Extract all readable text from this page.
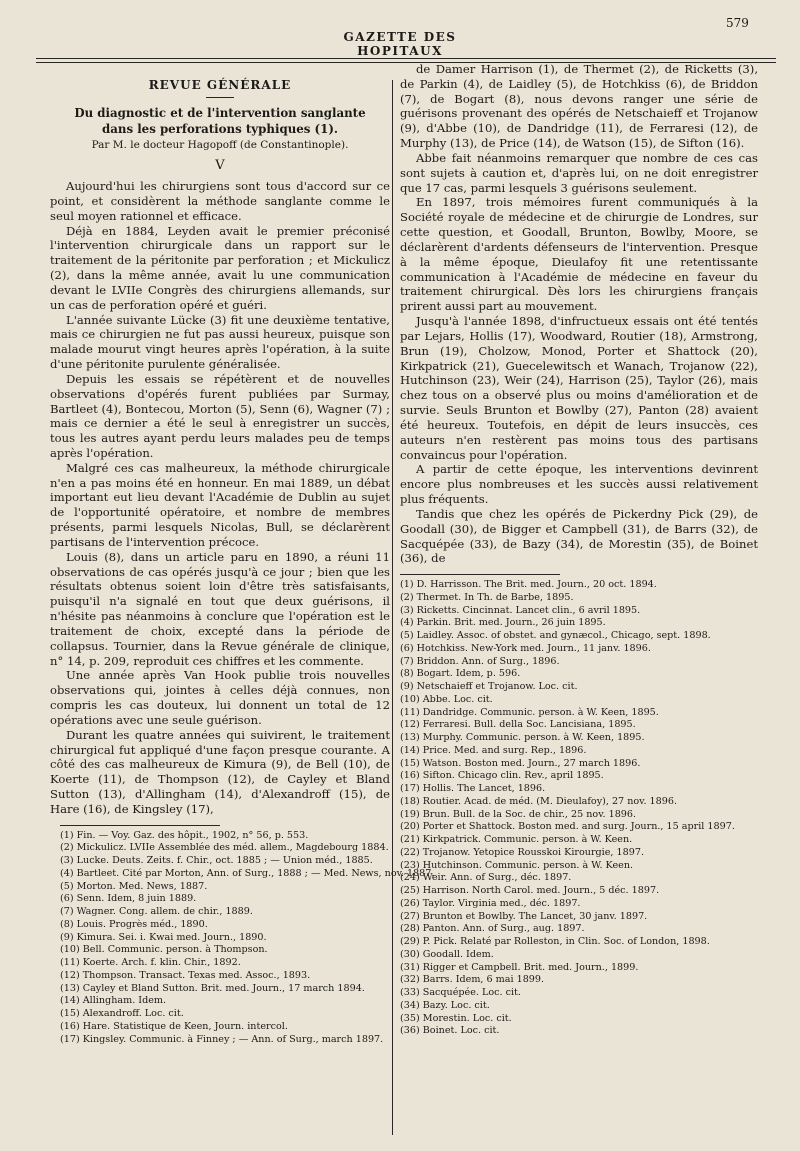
579
GAZETTE DES HOPITAUX
REVUE GÉNÉRALE
Du diagnostic et de l'intervention sanglante dans les perforations typhiques (1).
Par M. le docteur Hagopoff (de Constantinople).
V

Aujourd'hui les chirurgiens sont tous d'accord sur ce point, et considèrent la méthode sanglante comme le seul moyen rationnel et efficace.

Déjà en 1884, Leyden avait le premier préconisé l'intervention chirurgicale dans un rapport sur le traitement de la péritonite par perforation ; et Mickulicz (2), dans la même année, avait lu une communication devant le LVIIe Congrès des chirurgiens allemands, sur un cas de perforation opéré et guéri.

L'année suivante Lücke (3) fit une deuxième tentative, mais ce chirurgien ne fut pas aussi heureux, puisque son malade mourut vingt heures après l'opération, à la suite d'une péritonite purulente généralisée.

Depuis les essais se répétèrent et de nouvelles observations d'opérés furent publiées par Surmay, Bartleet (4), Bontecou, Morton (5), Senn (6), Wagner (7) ; mais ce dernier a été le seul à enregistrer un succès, tous les autres ayant perdu leurs malades peu de temps après l'opération.

Malgré ces cas malheureux, la méthode chirurgicale n'en a pas moins été en honneur. En mai 1889, un débat important eut lieu devant l'Académie de Dublin au sujet de l'opportunité opératoire, et nombre de membres présents, parmi lesquels Nicolas, Bull, se déclarèrent partisans de l'intervention précoce.

Louis (8), dans un article paru en 1890, a réuni 11 observations de cas opérés jusqu'à ce jour ; bien que les résultats obtenus soient loin d'être très satisfaisants, puisqu'il n'a signalé en tout que deux guérisons, il n'hésite pas néanmoins à conclure que l'opération est le traitement de choix, excepté dans la période de collapsus. Tournier, dans la Revue générale de clinique, n° 14, p. 209, reproduit ces chiffres et les commente.

Une année après Van Hook publie trois nouvelles observations qui, jointes à celles déjà connues, non compris les cas douteux, lui donnent un total de 12 opérations avec une seule guérison.

Durant les quatre années qui suivirent, le traitement chirurgical fut appliqué d'une façon presque courante. A côté des cas malheureux de Kimura (9), de Bell (10), de Koerte (11), de Thompson (12), de Cayley et Bland Sutton (13), d'Allingham (14), d'Alexandroff (15), de Hare (16), de Kingsley (17),

(1) Fin. — Voy. Gaz. des hôpit., 1902, n° 56, p. 553.
(2) Mickulicz. LVIIe Assemblée des méd. allem., Magdebourg 1884.
(3) Lucke. Deuts. Zeits. f. Chir., oct. 1885 ; — Union méd., 1885.
(4) Bartleet. Cité par Morton, Ann. of Surg., 1888 ; — Med. News, nov. 1887.
(5) Morton. Med. News, 1887.
(6) Senn. Idem, 8 juin 1889.
(7) Wagner. Cong. allem. de chir., 1889.
(8) Louis. Progrès méd., 1890.
(9) Kimura. Sei. i. Kwai med. Journ., 1890.
(10) Bell. Communic. person. à Thompson.
(11) Koerte. Arch. f. klin. Chir., 1892.
(12) Thompson. Transact. Texas med. Assoc., 1893.
(13) Cayley et Bland Sutton. Brit. med. Journ., 17 march 1894.
(14) Allingham. Idem.
(15) Alexandroff. Loc. cit.
(16) Hare. Statistique de Keen, Journ. intercol.
(17) Kingsley. Communic. à Finney ; — Ann. of Surg., march 1897.

de Damer Harrison (1), de Thermet (2), de Ricketts (3), de Parkin (4), de Laidley (5), de Hotchkiss (6), de Briddon (7), de Bogart (8), nous devons ranger une série de guérisons provenant des opérés de Netschaieff et Trojanow (9), d'Abbe (10), de Dandridge (11), de Ferraresi (12), de Murphy (13), de Price (14), de Watson (15), de Sifton (16).

Abbe fait néanmoins remarquer que nombre de ces cas sont sujets à caution et, d'après lui, on ne doit enregistrer que 17 cas, parmi lesquels 3 guérisons seulement.

En 1897, trois mémoires furent communiqués à la Société royale de médecine et de chirurgie de Londres, sur cette question, et Goodall, Brunton, Bowlby, Moore, se déclarèrent d'ardents défenseurs de l'intervention. Presque à la même époque, Dieulafoy fit une retentissante communication à l'Académie de médecine en faveur du traitement chirurgical. Dès lors les chirurgiens français prirent aussi part au mouvement.

Jusqu'à l'année 1898, d'infructueux essais ont été tentés par Lejars, Hollis (17), Woodward, Routier (18), Armstrong, Brun (19), Cholzow, Monod, Porter et Shattock (20), Kirkpatrick (21), Guecelewitsch et Wanach, Trojanow (22), Hutchinson (23), Weir (24), Harrison (25), Taylor (26), mais chez tous on a observé plus ou moins d'amélioration et de survie. Seuls Brunton et Bowlby (27), Panton (28) avaient été heureux. Toutefois, en dépit de leurs insuccès, ces auteurs n'en restèrent pas moins tous des partisans convaincus pour l'opération.

A partir de cette époque, les interventions devinrent encore plus nombreuses et les succès aussi relativement plus fréquents.

Tandis que chez les opérés de Pickerdny Pick (29), de Goodall (30), de Bigger et Campbell (31), de Barrs (32), de Sacquépée (33), de Bazy (34), de Morestin (35), de Boinet (36), de

(1) D. Harrisson. The Brit. med. Journ., 20 oct. 1894.
(2) Thermet. In Th. de Barbe, 1895.
(3) Ricketts. Cincinnat. Lancet clin., 6 avril 1895.
(4) Parkin. Brit. med. Journ., 26 juin 1895.
(5) Laidley. Assoc. of obstet. and gynæcol., Chicago, sept. 1898.
(6) Hotchkiss. New-York med. Journ., 11 janv. 1896.
(7) Briddon. Ann. of Surg., 1896.
(8) Bogart. Idem, p. 596.
(9) Netschaieff et Trojanow. Loc. cit.
(10) Abbe. Loc. cit.
(11) Dandridge. Communic. person. à W. Keen, 1895.
(12) Ferraresi. Bull. della Soc. Lancisiana, 1895.
(13) Murphy. Communic. person. à W. Keen, 1895.
(14) Price. Med. and surg. Rep., 1896.
(15) Watson. Boston med. Journ., 27 march 1896.
(16) Sifton. Chicago clin. Rev., april 1895.
(17) Hollis. The Lancet, 1896.
(18) Routier. Acad. de méd. (M. Dieulafoy), 27 nov. 1896.
(19) Brun. Bull. de la Soc. de chir., 25 nov. 1896.
(20) Porter et Shattock. Boston med. and surg. Journ., 15 april 1897.
(21) Kirkpatrick. Communic. person. à W. Keen.
(22) Trojanow. Yetopice Rousskoi Kirourgie, 1897.
(23) Hutchinson. Communic. person. à W. Keen.
(24) Weir. Ann. of Surg., déc. 1897.
(25) Harrison. North Carol. med. Journ., 5 déc. 1897.
(26) Taylor. Virginia med., déc. 1897.
(27) Brunton et Bowlby. The Lancet, 30 janv. 1897.
(28) Panton. Ann. of Surg., aug. 1897.
(29) P. Pick. Relaté par Rolleston, in Clin. Soc. of London, 1898.
(30) Goodall. Idem.
(31) Rigger et Campbell. Brit. med. Journ., 1899.
(32) Barrs. Idem, 6 mai 1899.
(33) Sacquépée. Loc. cit.
(34) Bazy. Loc. cit.
(35) Morestin. Loc. cit.
(36) Boinet. Loc. cit.
